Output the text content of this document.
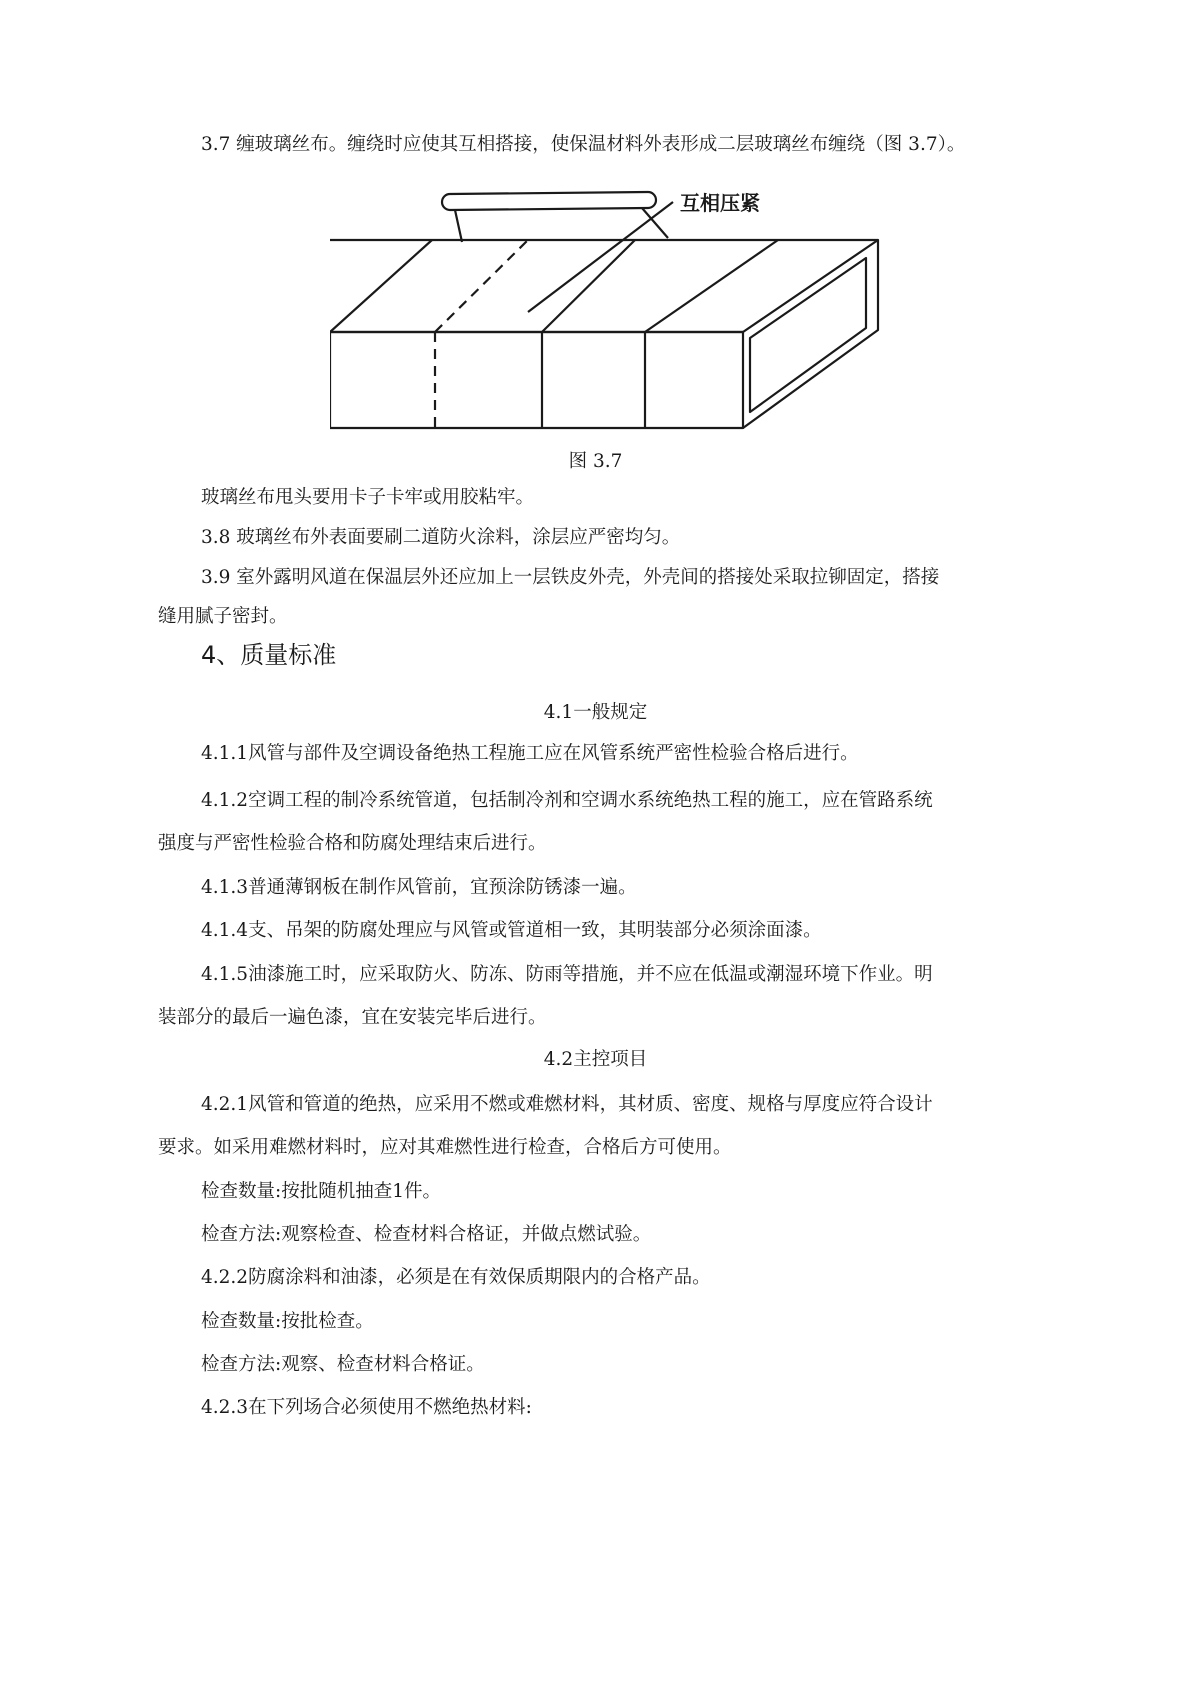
3.7 缠玻璃丝布。缠绕时应使其互相搭接，使保温材料外表形成二层玻璃丝布缠绕（图 3.7）。
互相压紧
图 3.7
玻璃丝布甩头要用卡子卡牢或用胶粘牢。
3.8 玻璃丝布外表面要刷二道防火涂料，涂层应严密均匀。
3.9 室外露明风道在保温层外还应加上一层铁皮外壳，外壳间的搭接处采取拉铆固定，搭接
缝用腻子密封。
4、质量标准
4.1一般规定
4.1.1风管与部件及空调设备绝热工程施工应在风管系统严密性检验合格后进行。
4.1.2空调工程的制冷系统管道，包括制冷剂和空调水系统绝热工程的施工，应在管路系统
强度与严密性检验合格和防腐处理结束后进行。
4.1.3普通薄钢板在制作风管前，宜预涂防锈漆一遍。
4.1.4支、吊架的防腐处理应与风管或管道相一致，其明装部分必须涂面漆。
4.1.5油漆施工时，应采取防火、防冻、防雨等措施，并不应在低温或潮湿环境下作业。明
装部分的最后一遍色漆，宜在安装完毕后进行。
4.2主控项目
4.2.1风管和管道的绝热，应采用不燃或难燃材料，其材质、密度、规格与厚度应符合设计
要求。如采用难燃材料时，应对其难燃性进行检查，合格后方可使用。
检查数量:按批随机抽查1件。
检查方法:观察检查、检查材料合格证，并做点燃试验。
4.2.2防腐涂料和油漆，必须是在有效保质期限内的合格产品。
检查数量:按批检查。
检查方法:观察、检查材料合格证。
4.2.3在下列场合必须使用不燃绝热材料:
